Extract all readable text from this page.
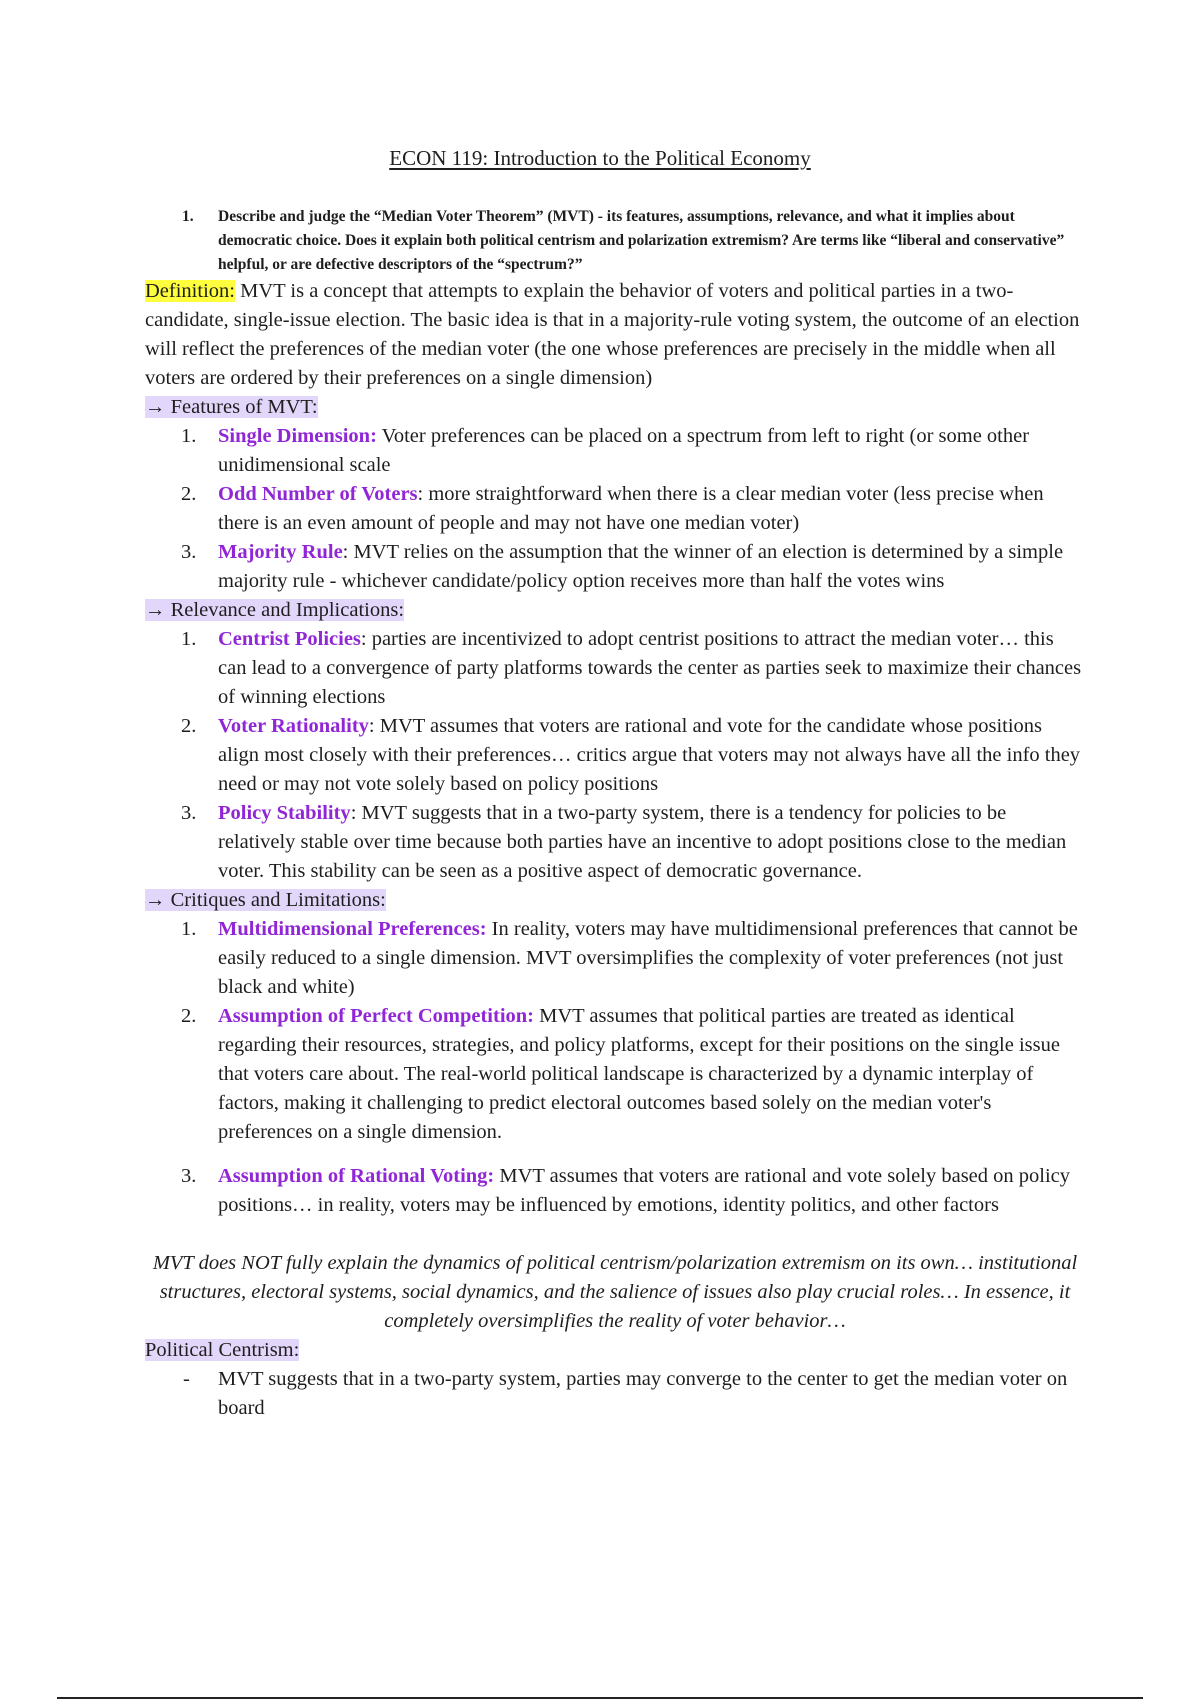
ECON 119: Introduction to the Political Economy
1. Describe and judge the “Median Voter Theorem” (MVT) - its features, assumptions, relevance, and what it implies about democratic choice. Does it explain both political centrism and polarization extremism? Are terms like “liberal and conservative” helpful, or are defective descriptors of the “spectrum?”
Definition: MVT is a concept that attempts to explain the behavior of voters and political parties in a two-candidate, single-issue election. The basic idea is that in a majority-rule voting system, the outcome of an election will reflect the preferences of the median voter (the one whose preferences are precisely in the middle when all voters are ordered by their preferences on a single dimension)
→ Features of MVT:
1. Single Dimension: Voter preferences can be placed on a spectrum from left to right (or some other unidimensional scale
2. Odd Number of Voters: more straightforward when there is a clear median voter (less precise when there is an even amount of people and may not have one median voter)
3. Majority Rule: MVT relies on the assumption that the winner of an election is determined by a simple majority rule - whichever candidate/policy option receives more than half the votes wins
→ Relevance and Implications:
1. Centrist Policies: parties are incentivized to adopt centrist positions to attract the median voter… this can lead to a convergence of party platforms towards the center as parties seek to maximize their chances of winning elections
2. Voter Rationality: MVT assumes that voters are rational and vote for the candidate whose positions align most closely with their preferences… critics argue that voters may not always have all the info they need or may not vote solely based on policy positions
3. Policy Stability: MVT suggests that in a two-party system, there is a tendency for policies to be relatively stable over time because both parties have an incentive to adopt positions close to the median voter. This stability can be seen as a positive aspect of democratic governance.
→ Critiques and Limitations:
1. Multidimensional Preferences: In reality, voters may have multidimensional preferences that cannot be easily reduced to a single dimension. MVT oversimplifies the complexity of voter preferences (not just black and white)
2. Assumption of Perfect Competition: MVT assumes that political parties are treated as identical regarding their resources, strategies, and policy platforms, except for their positions on the single issue that voters care about. The real-world political landscape is characterized by a dynamic interplay of factors, making it challenging to predict electoral outcomes based solely on the median voter's preferences on a single dimension.
3. Assumption of Rational Voting: MVT assumes that voters are rational and vote solely based on policy positions… in reality, voters may be influenced by emotions, identity politics, and other factors
MVT does NOT fully explain the dynamics of political centrism/polarization extremism on its own… institutional structures, electoral systems, social dynamics, and the salience of issues also play crucial roles… In essence, it completely oversimplifies the reality of voter behavior…
Political Centrism:
- MVT suggests that in a two-party system, parties may converge to the center to get the median voter on board
